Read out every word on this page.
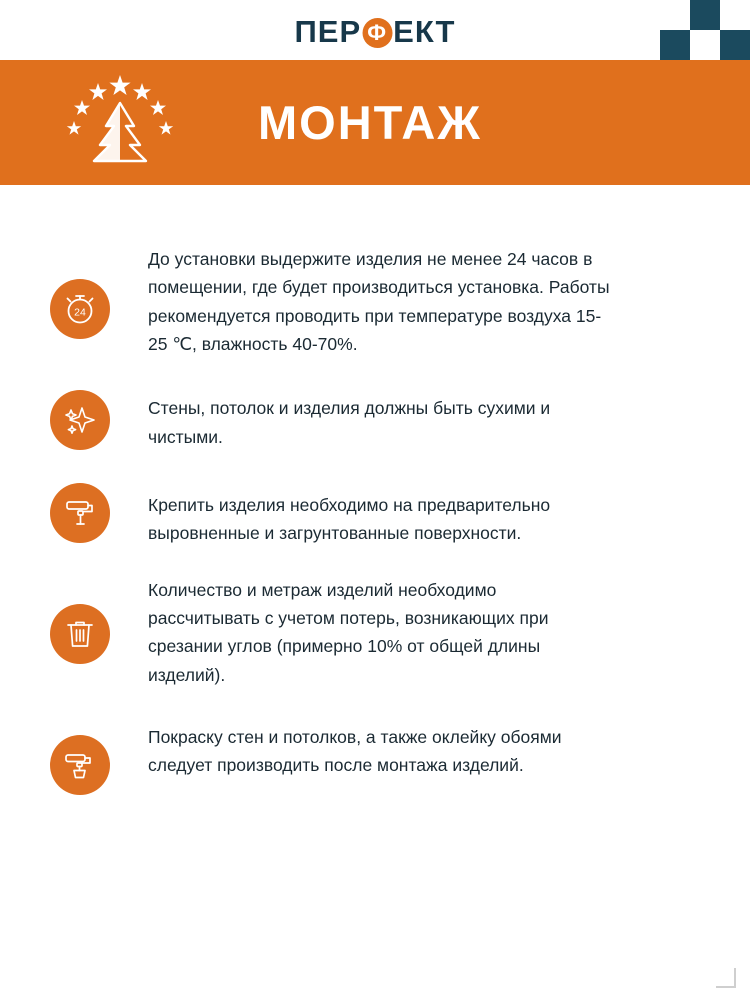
ПЕР Ф ЕКТ
МОНТАЖ
24
До установки выдержите изделия не менее 24 часов в помещении, где будет производиться установка. Работы рекомендуется проводить при температуре воздуха 15-25 ℃, влажность 40-70%.
Стены, потолок и изделия должны быть сухими и чистыми.
Крепить изделия необходимо на предварительно выровненные и загрунтованные поверхности.
Количество и метраж изделий необходимо рассчитывать с учетом потерь, возникающих при срезании углов (примерно 10% от общей длины изделий).
Покраску стен и потолков, а также оклейку обоями следует производить после монтажа изделий.
